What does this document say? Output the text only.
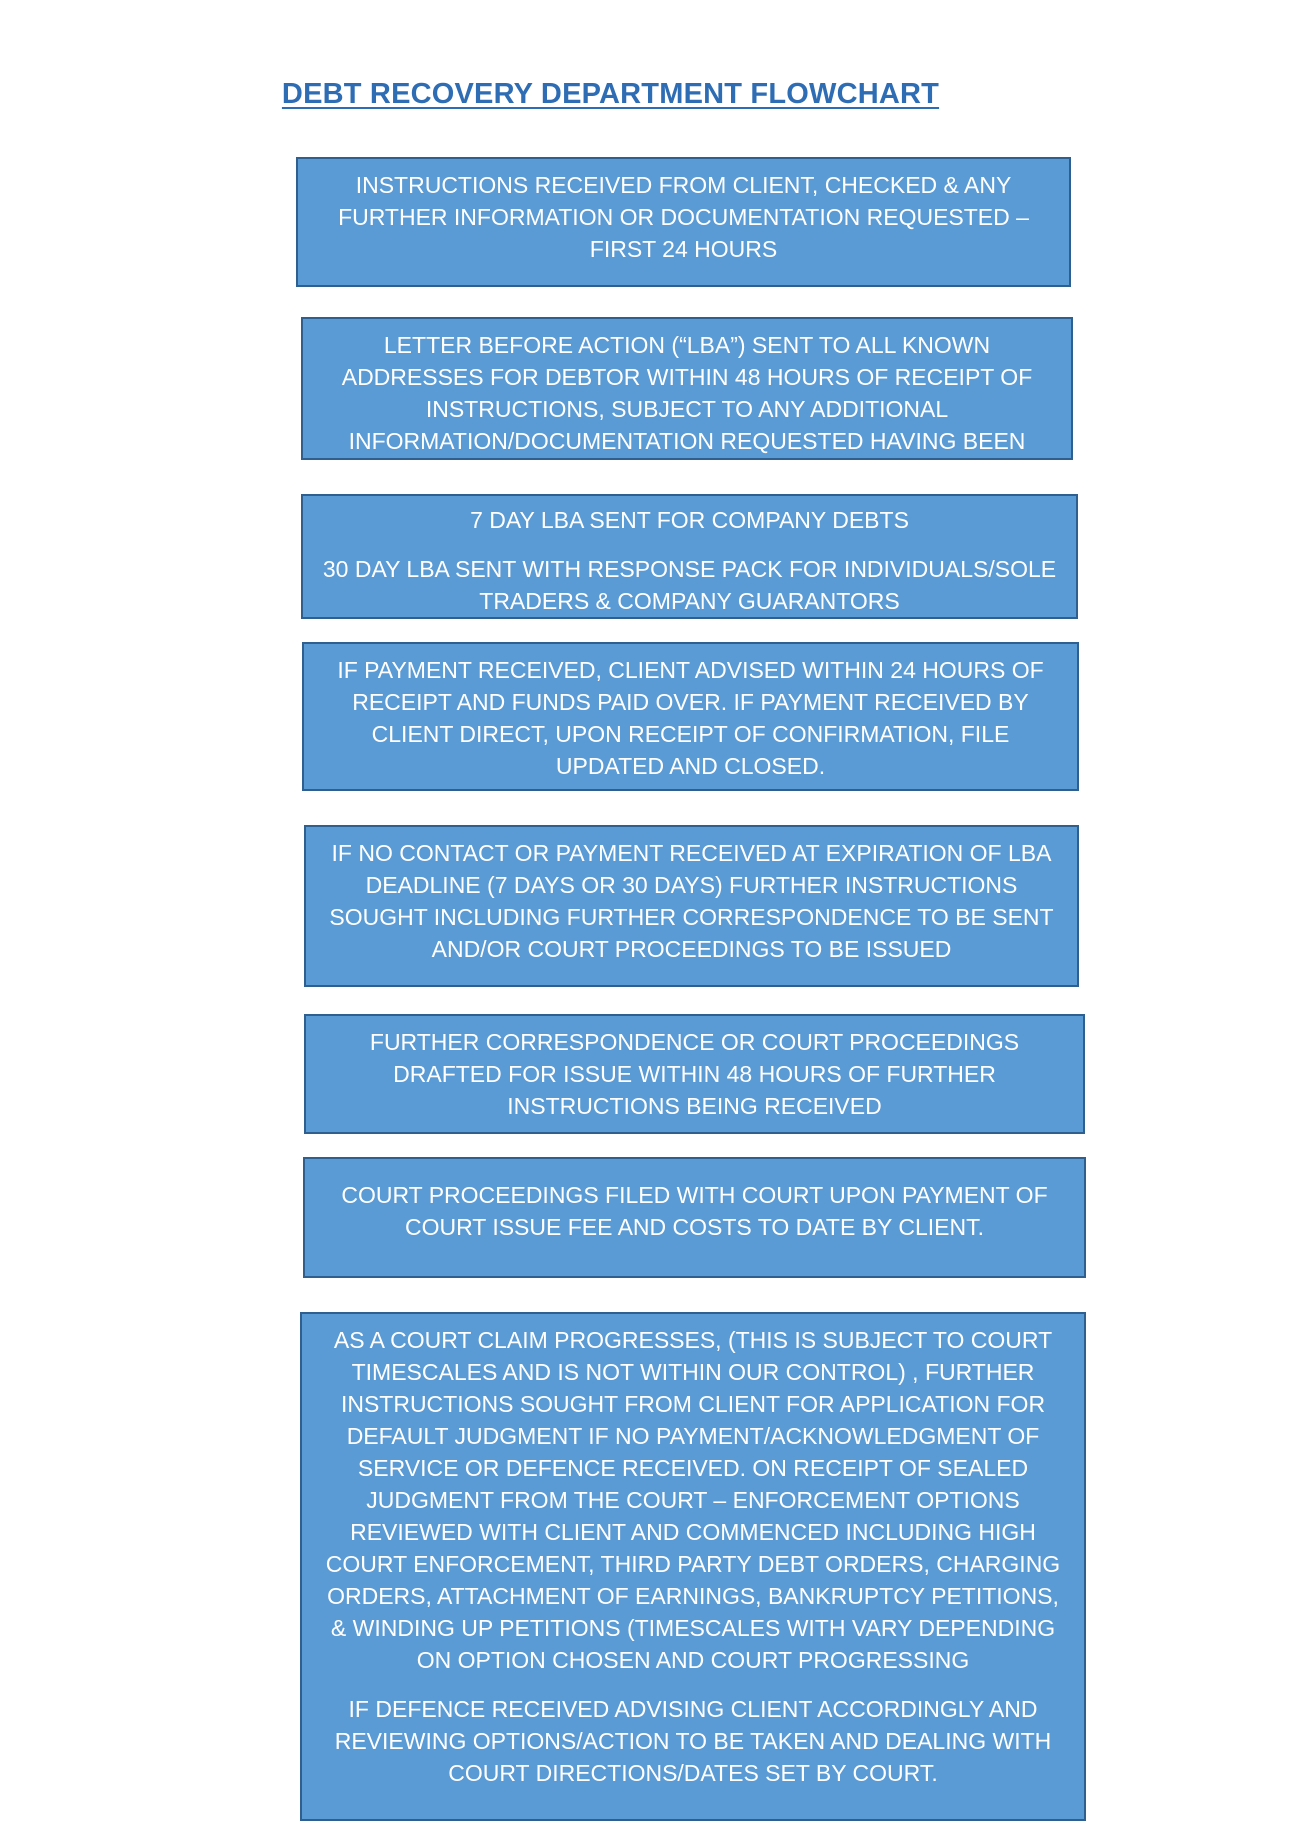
DEBT RECOVERY DEPARTMENT FLOWCHART

INSTRUCTIONS RECEIVED FROM CLIENT, CHECKED & ANY FURTHER INFORMATION OR DOCUMENTATION REQUESTED – FIRST 24 HOURS

LETTER BEFORE ACTION (“LBA”) SENT TO ALL KNOWN ADDRESSES FOR DEBTOR WITHIN 48 HOURS OF RECEIPT OF INSTRUCTIONS, SUBJECT TO ANY ADDITIONAL INFORMATION/DOCUMENTATION REQUESTED HAVING BEEN RECEIVED

7 DAY LBA SENT FOR COMPANY DEBTS

30 DAY LBA SENT WITH RESPONSE PACK FOR INDIVIDUALS/SOLE TRADERS & COMPANY GUARANTORS

IF PAYMENT RECEIVED, CLIENT ADVISED WITHIN 24 HOURS OF RECEIPT AND FUNDS PAID OVER. IF PAYMENT RECEIVED BY CLIENT DIRECT, UPON RECEIPT OF CONFIRMATION, FILE UPDATED AND CLOSED.

IF NO CONTACT OR PAYMENT RECEIVED AT EXPIRATION OF LBA DEADLINE (7 DAYS OR 30 DAYS) FURTHER INSTRUCTIONS SOUGHT INCLUDING FURTHER CORRESPONDENCE TO BE SENT AND/OR COURT PROCEEDINGS TO BE ISSUED

FURTHER CORRESPONDENCE OR COURT PROCEEDINGS DRAFTED FOR ISSUE WITHIN 48 HOURS OF FURTHER INSTRUCTIONS BEING RECEIVED

COURT PROCEEDINGS FILED WITH COURT UPON PAYMENT OF COURT ISSUE FEE AND COSTS TO DATE BY CLIENT.

AS A COURT CLAIM PROGRESSES, (THIS IS SUBJECT TO COURT TIMESCALES AND IS NOT WITHIN OUR CONTROL) , FURTHER INSTRUCTIONS SOUGHT FROM CLIENT FOR APPLICATION FOR DEFAULT JUDGMENT IF NO PAYMENT/ACKNOWLEDGMENT OF SERVICE OR DEFENCE RECEIVED. ON RECEIPT OF SEALED JUDGMENT FROM THE COURT – ENFORCEMENT OPTIONS REVIEWED WITH CLIENT AND COMMENCED INCLUDING HIGH COURT ENFORCEMENT, THIRD PARTY DEBT ORDERS, CHARGING ORDERS, ATTACHMENT OF EARNINGS, BANKRUPTCY PETITIONS, & WINDING UP PETITIONS (TIMESCALES WITH VARY DEPENDING ON OPTION CHOSEN AND COURT PROGRESSING

IF DEFENCE RECEIVED ADVISING CLIENT ACCORDINGLY AND REVIEWING OPTIONS/ACTION TO BE TAKEN AND DEALING WITH COURT DIRECTIONS/DATES SET BY COURT.
